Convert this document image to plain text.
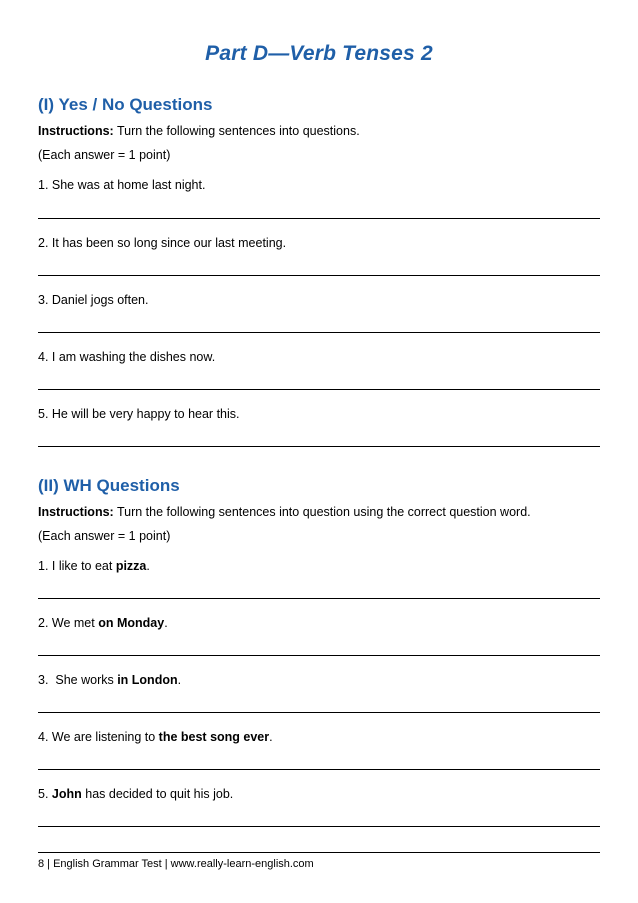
Part D—Verb Tenses 2
(I) Yes / No Questions
Instructions: Turn the following sentences into questions.
(Each answer = 1 point)
1. She was at home last night.
2. It has been so long since our last meeting.
3. Daniel jogs often.
4. I am washing the dishes now.
5. He will be very happy to hear this.
(II) WH Questions
Instructions: Turn the following sentences into question using the correct question word.
(Each answer = 1 point)
1. I like to eat pizza.
2. We met on Monday.
3.  She works in London.
4. We are listening to the best song ever.
5. John has decided to quit his job.
8 | English Grammar Test | www.really-learn-english.com
